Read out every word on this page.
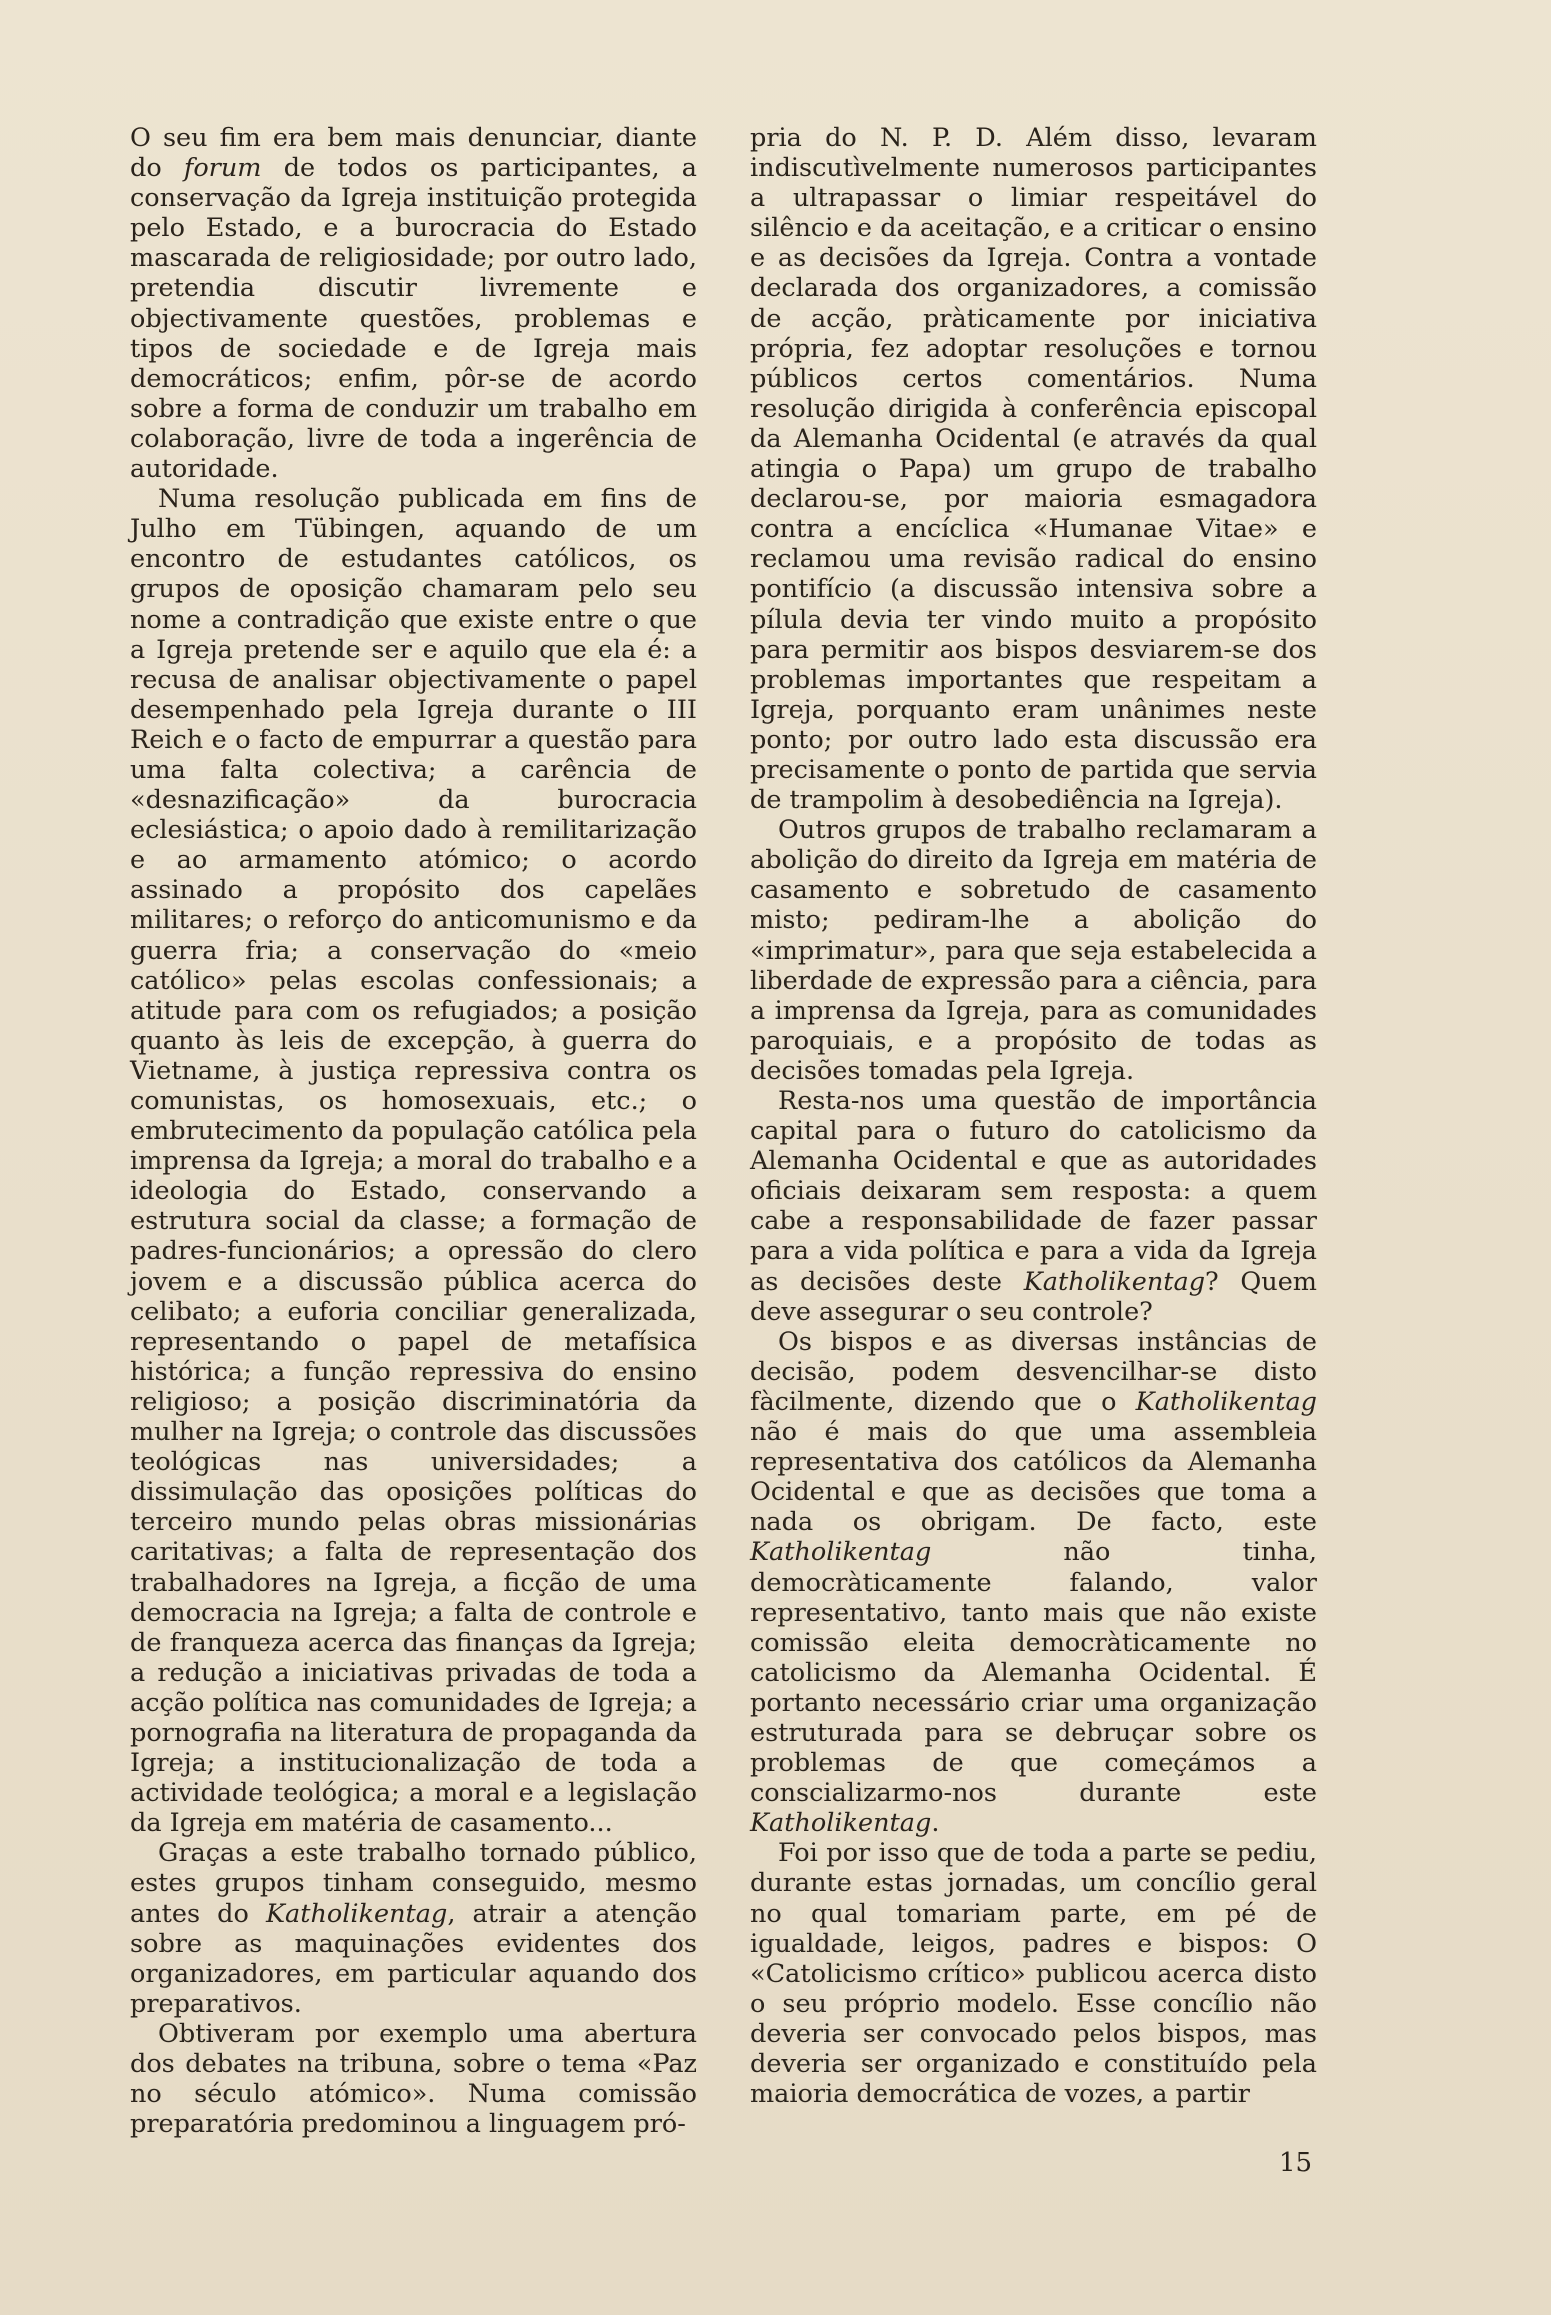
O seu fim era bem mais denunciar, diante do forum de todos os participantes, a conservação da Igreja instituição protegida pelo Estado, e a burocracia do Estado mascarada de religiosidade; por outro lado, pretendia discutir livremente e objectivamente questões, problemas e tipos de sociedade e de Igreja mais democráticos; enfim, pôr-se de acordo sobre a forma de conduzir um trabalho em colaboração, livre de toda a ingerência de autoridade.

Numa resolução publicada em fins de Julho em Tübingen, aquando de um encontro de estudantes católicos, os grupos de oposição chamaram pelo seu nome a contradição que existe entre o que a Igreja pretende ser e aquilo que ela é: a recusa de analisar objectivamente o papel desempenhado pela Igreja durante o III Reich e o facto de empurrar a questão para uma falta colectiva; a carência de «desnazificação» da burocracia eclesiástica; o apoio dado à remilitarização e ao armamento atómico; o acordo assinado a propósito dos capelães militares; o reforço do anticomunismo e da guerra fria; a conservação do «meio católico» pelas escolas confessionais; a atitude para com os refugiados; a posição quanto às leis de excepção, à guerra do Vietname, à justiça repressiva contra os comunistas, os homosexuais, etc.; o embrutecimento da população católica pela imprensa da Igreja; a moral do trabalho e a ideologia do Estado, conservando a estrutura social da classe; a formação de padres-funcionários; a opressão do clero jovem e a discussão pública acerca do celibato; a euforia conciliar generalizada, representando o papel de metafísica histórica; a função repressiva do ensino religioso; a posição discriminatória da mulher na Igreja; o controle das discussões teológicas nas universidades; a dissimulação das oposições políticas do terceiro mundo pelas obras missionárias caritativas; a falta de representação dos trabalhadores na Igreja, a ficção de uma democracia na Igreja; a falta de controle e de franqueza acerca das finanças da Igreja; a redução a iniciativas privadas de toda a acção política nas comunidades de Igreja; a pornografia na literatura de propaganda da Igreja; a institucionalização de toda a actividade teológica; a moral e a legislação da Igreja em matéria de casamento...

Graças a este trabalho tornado público, estes grupos tinham conseguido, mesmo antes do Katholikentag, atrair a atenção sobre as maquinações evidentes dos organizadores, em particular aquando dos preparativos.

Obtiveram por exemplo uma abertura dos debates na tribuna, sobre o tema «Paz no século atómico». Numa comissão preparatória predominou a linguagem pró-

pria do N. P. D. Além disso, levaram indiscutìvelmente numerosos participantes a ultrapassar o limiar respeitável do silêncio e da aceitação, e a criticar o ensino e as decisões da Igreja. Contra a vontade declarada dos organizadores, a comissão de acção, pràticamente por iniciativa própria, fez adoptar resoluções e tornou públicos certos comentários. Numa resolução dirigida à conferência episcopal da Alemanha Ocidental (e através da qual atingia o Papa) um grupo de trabalho declarou-se, por maioria esmagadora contra a encíclica «Humanae Vitae» e reclamou uma revisão radical do ensino pontifício (a discussão intensiva sobre a pílula devia ter vindo muito a propósito para permitir aos bispos desviarem-se dos problemas importantes que respeitam a Igreja, porquanto eram unânimes neste ponto; por outro lado esta discussão era precisamente o ponto de partida que servia de trampolim à desobediência na Igreja).

Outros grupos de trabalho reclamaram a abolição do direito da Igreja em matéria de casamento e sobretudo de casamento misto; pediram-lhe a abolição do «imprimatur», para que seja estabelecida a liberdade de expressão para a ciência, para a imprensa da Igreja, para as comunidades paroquiais, e a propósito de todas as decisões tomadas pela Igreja.

Resta-nos uma questão de importância capital para o futuro do catolicismo da Alemanha Ocidental e que as autoridades oficiais deixaram sem resposta: a quem cabe a responsabilidade de fazer passar para a vida política e para a vida da Igreja as decisões deste Katholikentag? Quem deve assegurar o seu controle?

Os bispos e as diversas instâncias de decisão, podem desvencilhar-se disto fàcilmente, dizendo que o Katholikentag não é mais do que uma assembleia representativa dos católicos da Alemanha Ocidental e que as decisões que toma a nada os obrigam. De facto, este Katholikentag não tinha, democràticamente falando, valor representativo, tanto mais que não existe comissão eleita democràticamente no catolicismo da Alemanha Ocidental. É portanto necessário criar uma organização estruturada para se debruçar sobre os problemas de que começámos a conscializarmo-nos durante este Katholikentag.

Foi por isso que de toda a parte se pediu, durante estas jornadas, um concílio geral no qual tomariam parte, em pé de igualdade, leigos, padres e bispos: O «Catolicismo crítico» publicou acerca disto o seu próprio modelo. Esse concílio não deveria ser convocado pelos bispos, mas deveria ser organizado e constituído pela maioria democrática de vozes, a partir

15
